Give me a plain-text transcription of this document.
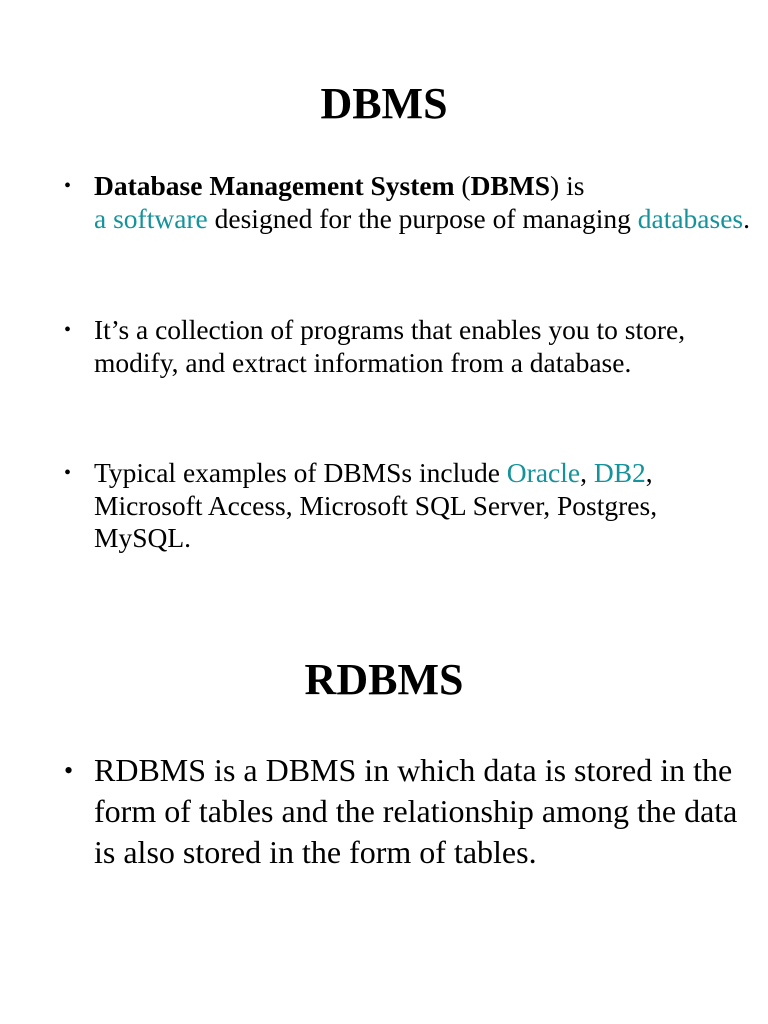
DBMS
• Database Management System (DBMS) is
a software designed for the purpose of managing databases.
• It’s a collection of programs that enables you to store, modify, and extract information from a database.
• Typical examples of DBMSs include Oracle, DB2, Microsoft Access, Microsoft SQL Server, Postgres, MySQL.
RDBMS
• RDBMS is a DBMS in which data is stored in the form of tables and the relationship among the data is also stored in the form of tables.
